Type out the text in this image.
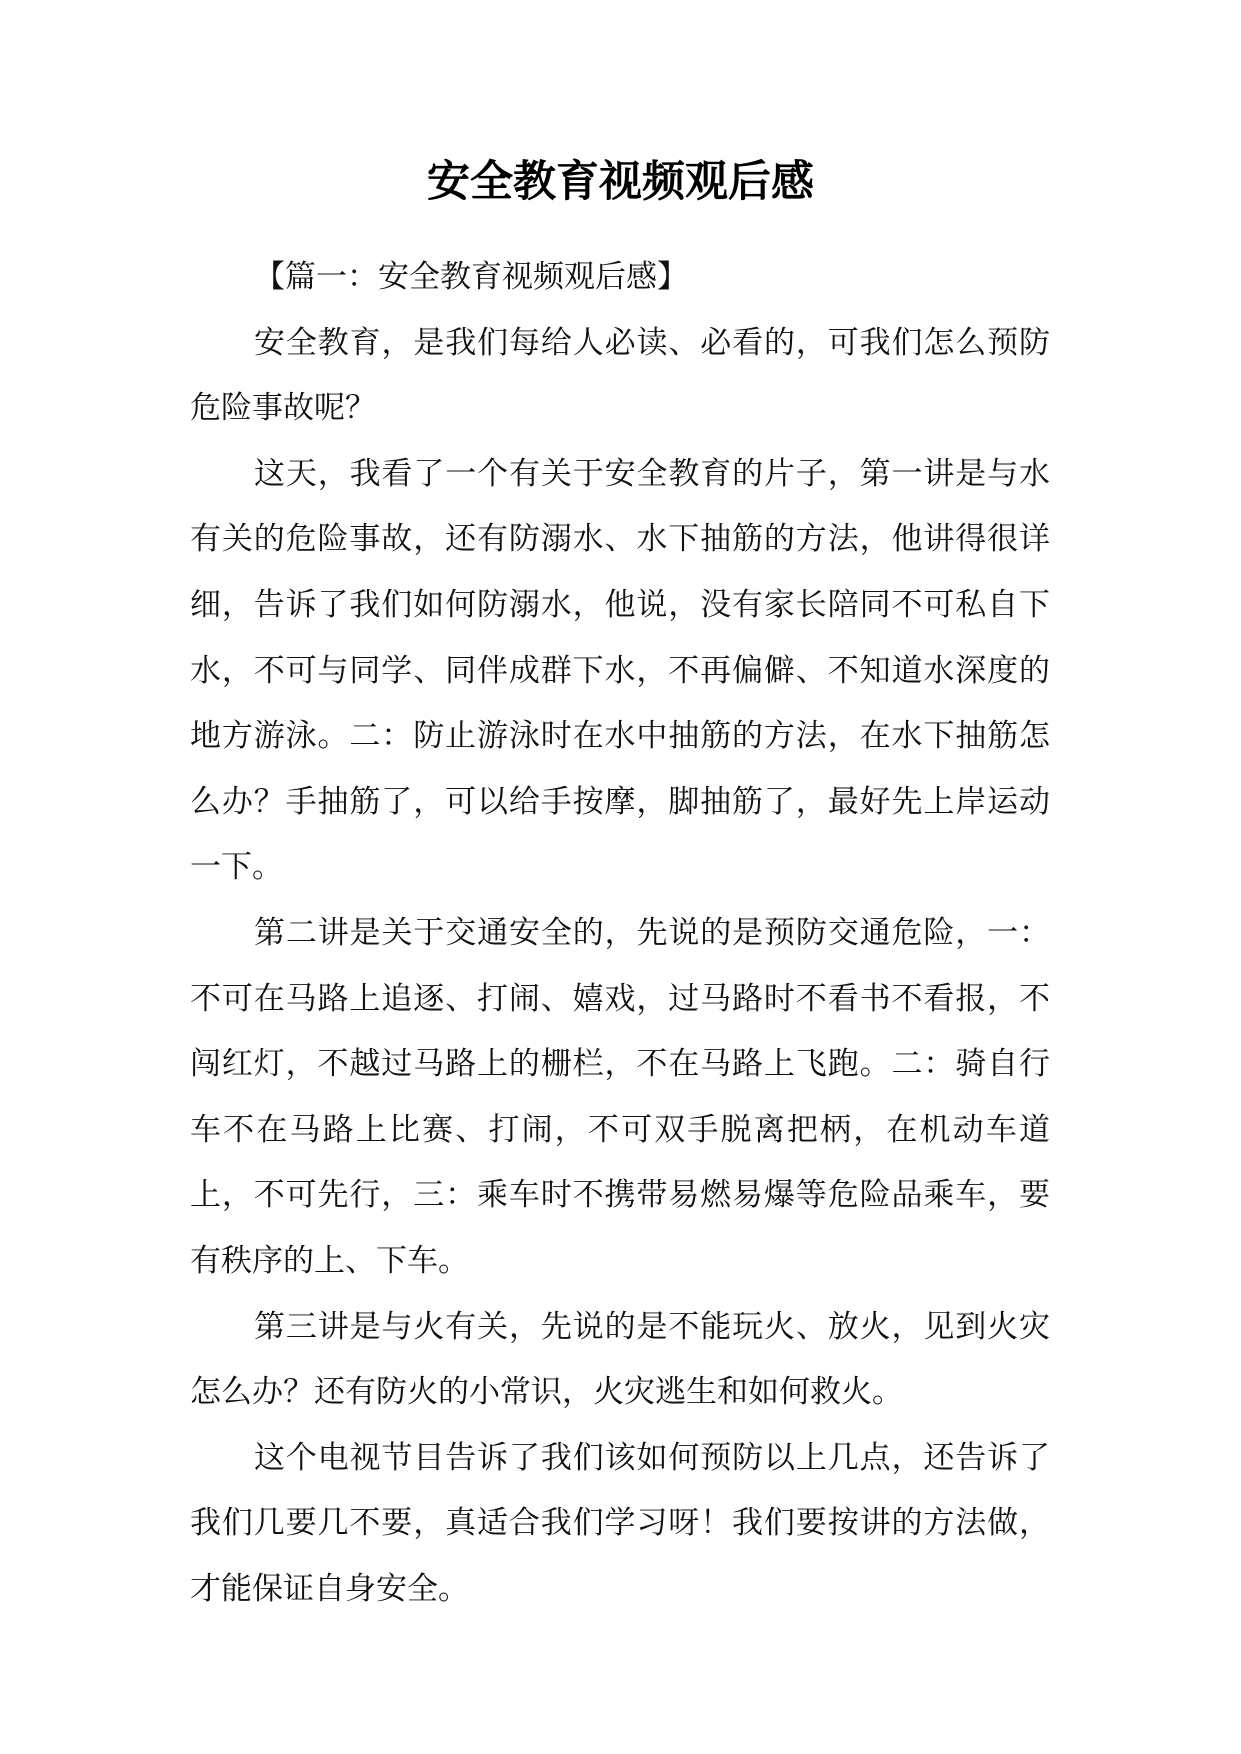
安全教育视频观后感

【篇一：安全教育视频观后感】

安全教育，是我们每给人必读、必看的，可我们怎么预防危险事故呢？

这天，我看了一个有关于安全教育的片子，第一讲是与水有关的危险事故，还有防溺水、水下抽筋的方法，他讲得很详细，告诉了我们如何防溺水，他说，没有家长陪同不可私自下水，不可与同学、同伴成群下水，不再偏僻、不知道水深度的地方游泳。二：防止游泳时在水中抽筋的方法，在水下抽筋怎么办？手抽筋了，可以给手按摩，脚抽筋了，最好先上岸运动一下。

第二讲是关于交通安全的，先说的是预防交通危险，一：不可在马路上追逐、打闹、嬉戏，过马路时不看书不看报，不闯红灯，不越过马路上的栅栏，不在马路上飞跑。二：骑自行车不在马路上比赛、打闹，不可双手脱离把柄，在机动车道上，不可先行，三：乘车时不携带易燃易爆等危险品乘车，要有秩序的上、下车。

第三讲是与火有关，先说的是不能玩火、放火，见到火灾怎么办？还有防火的小常识，火灾逃生和如何救火。

这个电视节目告诉了我们该如何预防以上几点，还告诉了我们几要几不要，真适合我们学习呀！我们要按讲的方法做，才能保证自身安全。
